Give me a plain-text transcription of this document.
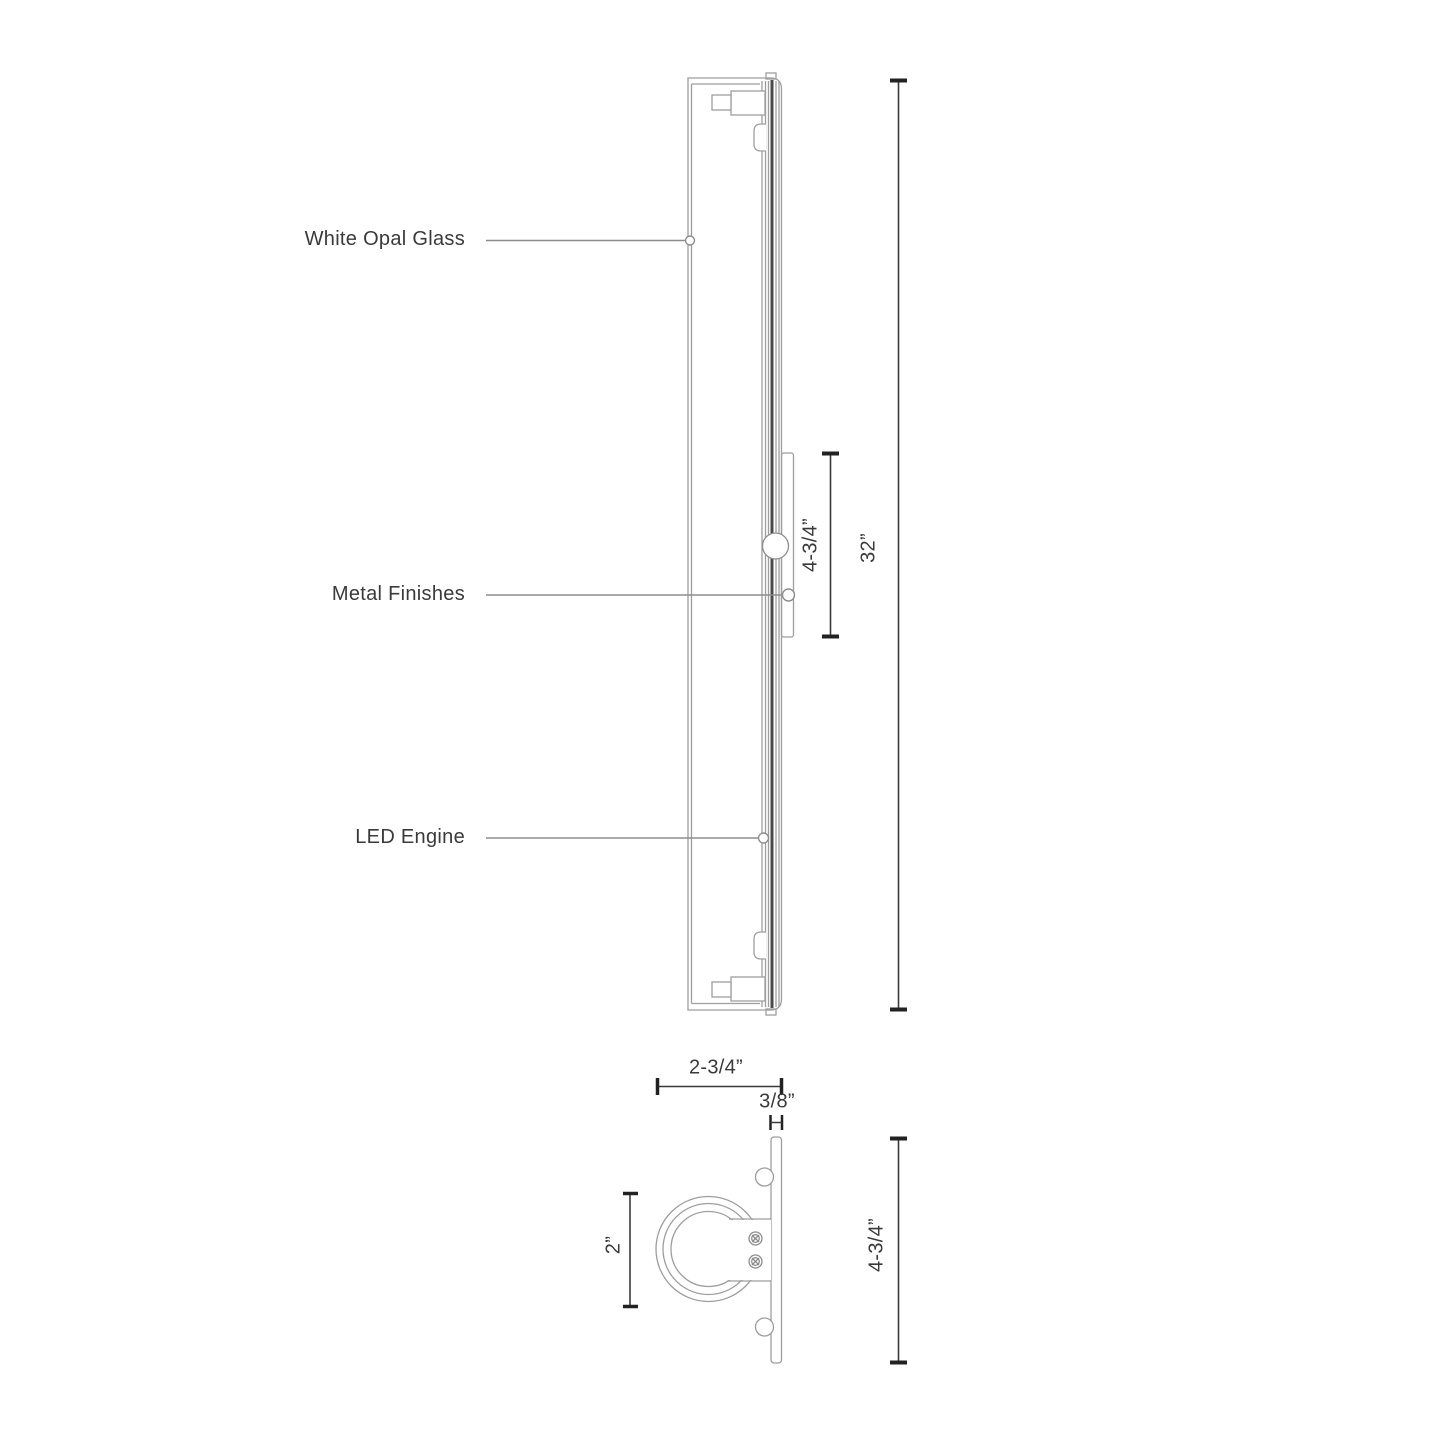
White Opal Glass
Metal Finishes
LED Engine
32”
4-3/4”
2-3/4”
3/8”
2”	4-3/4”
